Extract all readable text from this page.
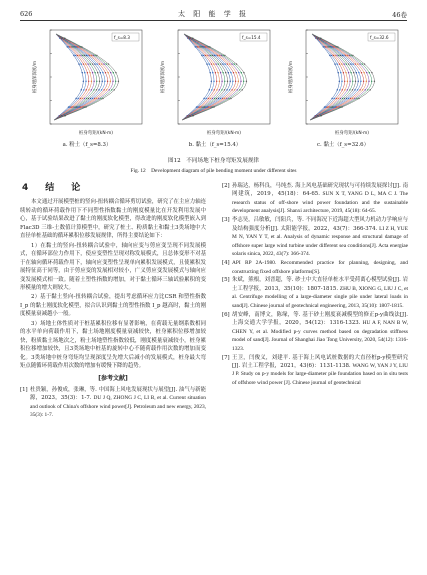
626	太 阳 能 学 报	46卷
f_s=8.3
桩身埋深深度/m
桩身弯矩/(kN·m)
a. 粉土（f_s=8.3）
f_s=15.4
桩身埋深深度/m
桩身弯矩/(kN·m)
b. 黏土（f_s=15.4）
f_s=32.6
桩身埋深深度/m
桩身弯矩/(kN·m)
c. 黏土（f_s=32.6）
图12　不同场地下桩身弯矩发展规律
Fig. 12　Development diagram of pile bending moment under different sites
4　结　论

本文通过开展模型桩的竖向-扭转耦合循环剪切试验，研究了在主应力轴连续转动的循环荷载作用下不同塑性指数黏土的刚度模量比在开发利用发展中心，基于试验结果改进了黏土的刚度软化模型，得改进的刚度软化模型嵌入到 Flac3D 三维-土数值计算模型中，研究了桩土、粉质黏土和黏土3类场地中大直径单桩基础的循环累积位移发展规律，所得主要结论如下：

1）在黏土的竖向-扭转耦合试验中，轴向应变与剪应变呈现不同发展模式，在循环部位力作用下，使应变塑性呈现对称发展模式，且总体变形不对基于在轴向循环荷载作用下，轴向应变塑性呈现单向累积发展模式，且使累积发展特征高于同等，由于剪应变的发展相对较小，广义剪应变发展模式与轴向应变发展模式相一致。随着土塑性指数的增加，对于黏土循环三轴试验累积的变形模量的增大则较大。

2）基于黏土竖向-扭转耦合试验，提出考虑循环应力比CSR 和塑性指数 I_p 的黏土刚度软化模型，拟合认识到黏土的塑性指数 I_p 越高时，黏土的刚度模量衰减越小一般。

3）场地土体性质对于桩基累积位移有显著影响，在荷载无量纲系数相同的水平单向荷载作用下，黏土场地刚度模量衰减较快，桩身累积位移增加较快，粉质黏土场地次之，粉土场地塑性指数较低，刚度模量衰减较小，桩身累积位移增加较快，且3类场地中桩基的旋转中心不随荷载作用次数的增加而变化。3类场地中桩身弯矩均呈现深度呈先增大后减小的发展模式，桩身最大弯矩点随循环荷载作用次数的增加有缓慢下降的趋势。

[参考文献]
[1] 杜贵颖，孙俊成，张琳，等. 中国海上风电发展现状与展望[J]. 油气与新能源，2023，35(3)：1-7. DU J Q, ZHONG J C, LI B, et al. Current situation and outlook of China's offshore wind power[J]. Petroleum and new energy, 2023, 35(3): 1-7.
[2] 孙瑞达，杨科良，马纯杰. 海上风电基础研究现状与可持续发展探讨[J]. 南网建筑，2019，45(18)：64-65. SUN X T, YANG D L, MA C J. The research status of off-shore wind power foundation and the sustainable development analysis[J]. Shanxi architecture, 2019, 45(18): 64-65.
[3] 李志昊，吕敏敏，闫阳兵，等. 不同海况下近海超大型风力机动力学响应与及结构强度分析[J]. 太阳能学报，2022，43(7)：366-374. LI Z H, YUE M N, YAN Y T, et al. Analysis of dynamic response and structural damage of offshore super large wind turbine under different sea conditions[J]. Acta energiae solaris sinica, 2022, 43(7): 366-374.
[4] API RP 2A-1980. Recommended practice for planning, designing, and constructing fixed offshore platforms[S].
[5] 朱斌，熊根，刘晋超，等. 砂土中大直径单桩水平受荷离心模型试验[J]. 岩土工程学报，2013，35(10)：1807-1815. ZHU B, XIONG G, LIU J C, et al. Centrifuge modelling of a large-diameter single pile under lateral loads in sand[J]. Chinese journal of geotechnical engineering, 2013, 35(10): 1807-1815.
[6] 胡安峰，南博文，陈缘，等. 基于砂土刚度衰减模型的修正p-y曲线法[J]. 上海交通大学学报，2020，54(12)：1316-1323. HU A F, NAN B W, CHEN Y, et al. Modified p-y curves method based on degradation stiffness model of sand[J]. Journal of Shanghai Jiao Tong University, 2020, 54(12): 1316-1323.
[7] 王卫，闫俊义，刘建平. 基于海上风电试桩数据的大直径桩p-y模型研究[J]. 岩土工程学报，2021，43(6)：1131-1138. WANG W, YAN J Y, LIU J P. Study on p-y models for large-diameter pile foundation based on in situ tests of offshore wind power [J]. Chinese journal of geotechnical
